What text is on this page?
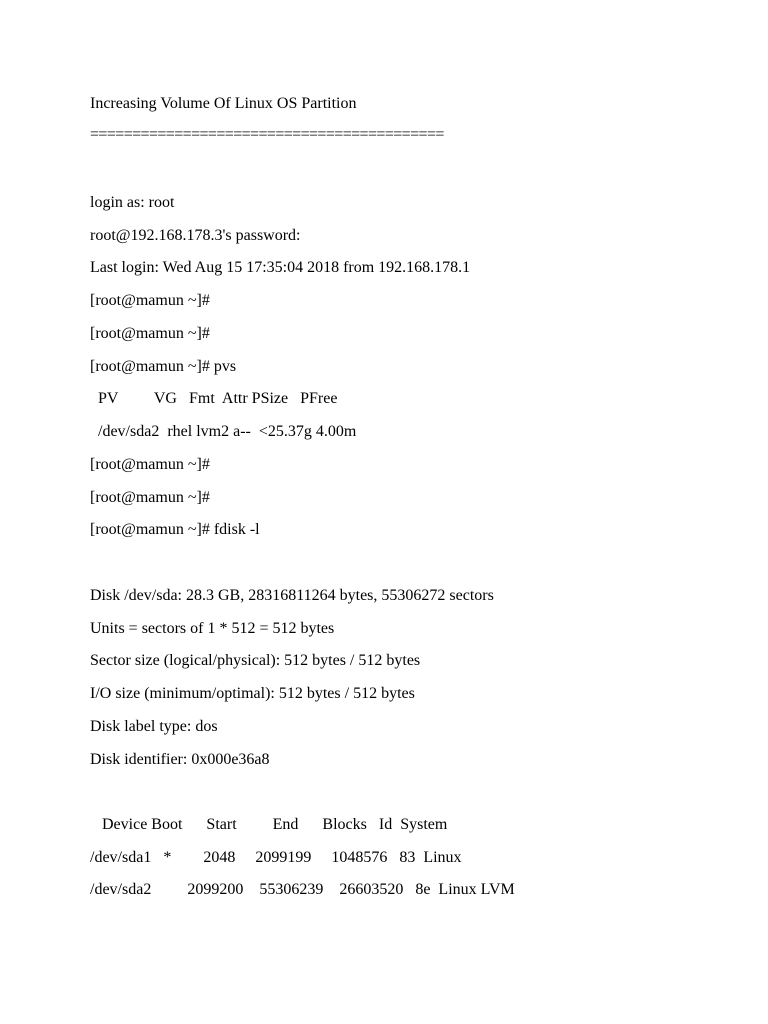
Increasing Volume Of Linux OS Partition

==========================================

login as: root

root@192.168.178.3's password:

Last login: Wed Aug 15 17:35:04 2018 from 192.168.178.1

[root@mamun ~]#

[root@mamun ~]#

[root@mamun ~]# pvs

PV         VG   Fmt  Attr PSize   PFree

/dev/sda2  rhel lvm2 a--  <25.37g 4.00m

[root@mamun ~]#

[root@mamun ~]#

[root@mamun ~]# fdisk -l

Disk /dev/sda: 28.3 GB, 28316811264 bytes, 55306272 sectors

Units = sectors of 1 * 512 = 512 bytes

Sector size (logical/physical): 512 bytes / 512 bytes

I/O size (minimum/optimal): 512 bytes / 512 bytes

Disk label type: dos

Disk identifier: 0x000e36a8

Device Boot      Start         End      Blocks   Id  System

/dev/sda1   *        2048     2099199     1048576   83  Linux

/dev/sda2         2099200    55306239    26603520   8e  Linux LVM
